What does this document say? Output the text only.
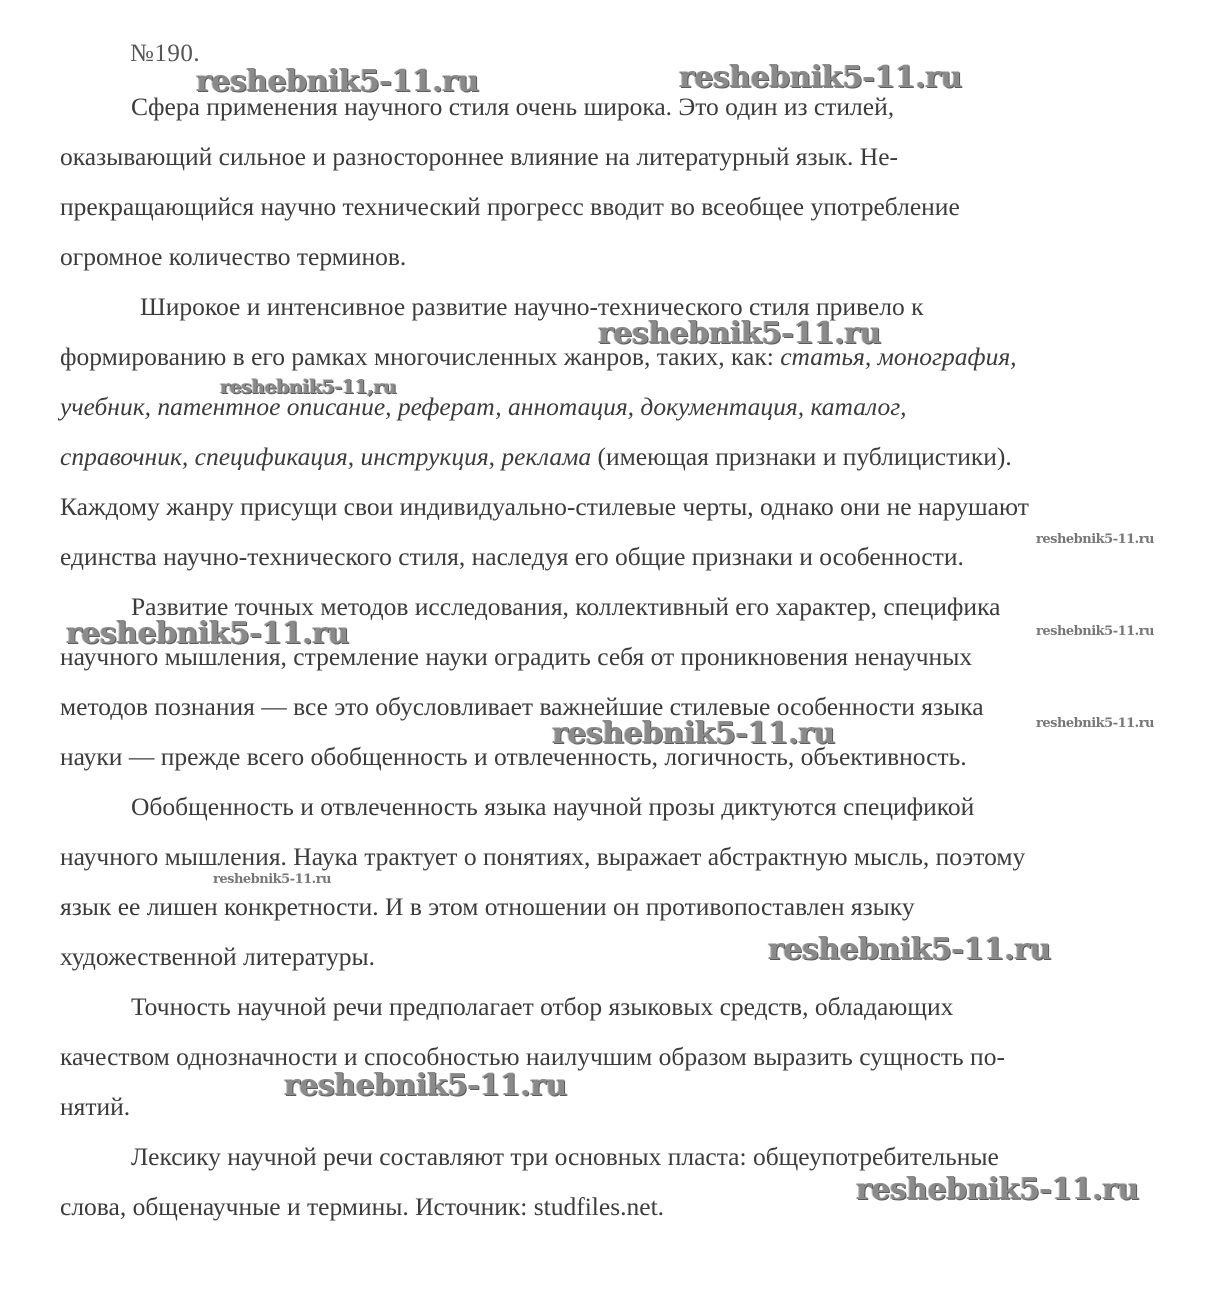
№190.
Сфера применения научного стиля очень широка. Это один из стилей,
оказывающий сильное и разностороннее влияние на литературный язык. Не-
прекращающийся научно технический прогресс вводит во всеобщее употребление
огромное количество терминов.
Широкое и интенсивное развитие научно-технического стиля привело к
формированию в его рамках многочисленных жанров, таких, как: статья, монография,
учебник, патентное описание, реферат, аннотация, документация, каталог,
справочник, спецификация, инструкция, реклама (имеющая признаки и публицистики).
Каждому жанру присущи свои индивидуально-стилевые черты, однако они не нарушают
единства научно-технического стиля, наследуя его общие признаки и особенности.
Развитие точных методов исследования, коллективный его характер, специфика
научного мышления, стремление науки оградить себя от проникновения ненаучных
методов познания — все это обусловливает важнейшие стилевые особенности языка
науки — прежде всего обобщенность и отвлеченность, логичность, объективность.
Обобщенность и отвлеченность языка научной прозы диктуются спецификой
научного мышления. Наука трактует о понятиях, выражает абстрактную мысль, поэтому
язык ее лишен конкретности. И в этом отношении он противопоставлен языку
художественной литературы.
Точность научной речи предполагает отбор языковых средств, обладающих
качеством однозначности и способностью наилучшим образом выразить сущность по-
нятий.
Лексику научной речи составляют три основных пласта: общеупотребительные
слова, общенаучные и термины. Источник: studfiles.net.
reshebnik5-11.ru	reshebnik5-11.ru
reshebnik5-11.ru
reshebnik5-11,ru
reshebnik5-11.ru
reshebnik5-11.ru	reshebnik5-11.ru
reshebnik5-11.ru
reshebnik5-11.ru
reshebnik5-11.ru
reshebnik5-11.ru
reshebnik5-11.ru
reshebnik5-11.ru
